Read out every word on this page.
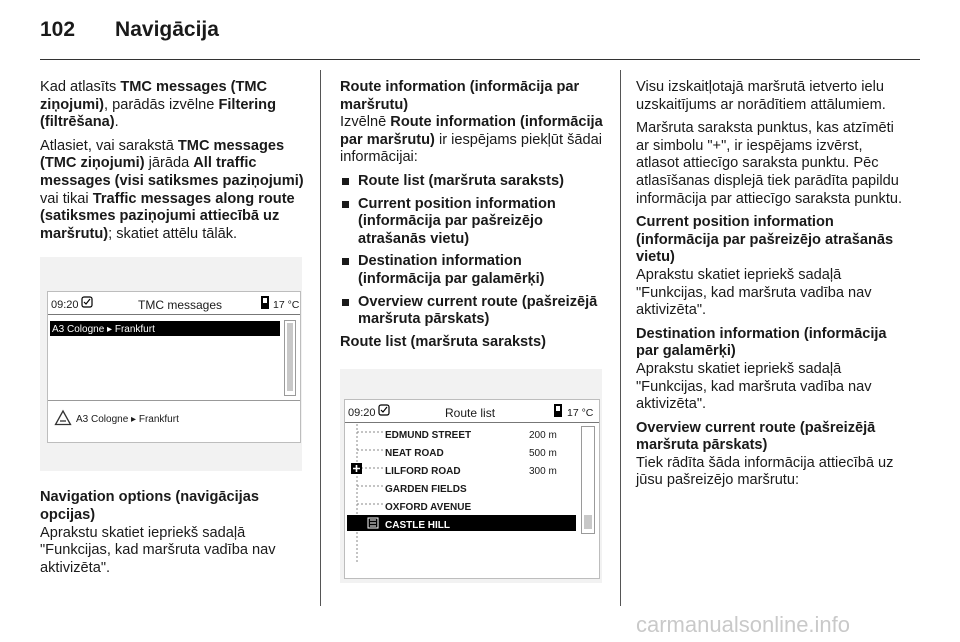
102 Navigācija

Kad atlasīts TMC messages (TMC ziņojumi), parādās izvēlne Filtering (filtrēšana).

Atlasiet, vai sarakstā TMC messages (TMC ziņojumi) jārāda All traffic messages (visi satiksmes paziņojumi) vai tikai Traffic messages along route (satiksmes paziņojumi attiecībā uz maršrutu); skatiet attēlu tālāk.

09:20	TMC messages	17 °C
A3 Cologne ▸ Frankfurt
A3 Cologne ▸ Frankfurt
Navigation options (navigācijas opcijas)

Aprakstu skatiet iepriekš sadaļā "Funkcijas, kad maršruta vadība nav aktivizēta".

Route information (informācija par maršrutu)

Izvēlnē Route information (informācija par maršrutu) ir iespējams piekļūt šādai informācijai:

Route list (maršruta saraksts)
Current position information (informācija par pašreizējo atrašanās vietu)
Destination information (informācija par galamērķi)
Overview current route (pašreizējā maršruta pārskats)
Route list (maršruta saraksts)
09:20	Route list	17 °C
EDMUND STREET	200 m
NEAT ROAD	500 m
LILFORD ROAD	300 m
GARDEN FIELDS
OXFORD AVENUE
CASTLE HILL

Visu izskaitļotajā maršrutā ietverto ielu uzskaitījums ar norādītiem attālumiem.

Maršruta saraksta punktus, kas atzīmēti ar simbolu "+", ir iespējams izvērst, atlasot attiecīgo saraksta punktu. Pēc atlasīšanas displejā tiek parādīta papildu informācija par attiecīgo saraksta punktu.

Current position information (informācija par pašreizējo atrašanās vietu)

Aprakstu skatiet iepriekš sadaļā "Funkcijas, kad maršruta vadība nav aktivizēta".

Destination information (informācija par galamērķi)

Aprakstu skatiet iepriekš sadaļā "Funkcijas, kad maršruta vadība nav aktivizēta".

Overview current route (pašreizējā maršruta pārskats)

Tiek rādīta šāda informācija attiecībā uz jūsu pašreizējo maršrutu:

carmanualsonline.info
